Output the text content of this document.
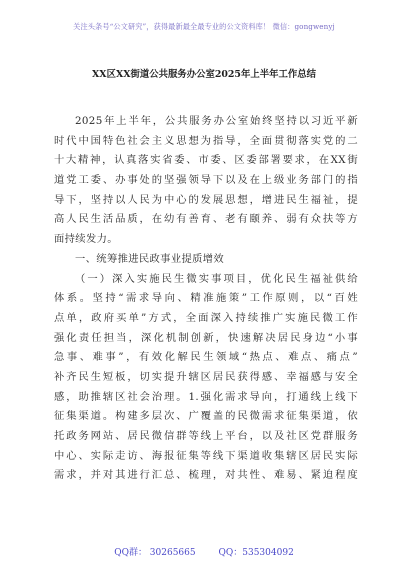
关注头条号“公文研究”，获得最新最全最专业的公文资料库！ 微信：gongwenyj
XX区XX街道公共服务办公室2025年上半年工作总结
2025年上半年，公共服务办公室始终坚持以习近平新
时代中国特色社会主义思想为指导，全面贯彻落实党的二
十大精神，认真落实省委、市委、区委部署要求，在XX街
道党工委、办事处的坚强领导下以及在上级业务部门的指
导下，坚持以人民为中心的发展思想，增进民生福祉，提
高人民生活品质，在幼有善育、老有颐养、弱有众扶等方
面持续发力。
一、统筹推进民政事业提质增效
（一）深入实施民生微实事项目，优化民生福祉供给
体系。坚持“需求导向、精准施策”工作原则，以“百姓
点单，政府买单”方式，全面深入持续推广实施民微工作
强化责任担当，深化机制创新，快速解决居民身边“小事
急事、难事”，有效化解民生领域“热点、难点、痛点”
补齐民生短板，切实提升辖区居民获得感、幸福感与安全
感，助推辖区社会治理。1.强化需求导向，打通线上线下
征集渠道。构建多层次、广覆盖的民微需求征集渠道，依
托政务网站、居民微信群等线上平台，以及社区党群服务
中心、实际走访、海报征集等线下渠道收集辖区居民实际
需求，并对其进行汇总、梳理，对共性、难易、紧迫程度
QQ群： 30265665	QQ：535304092
